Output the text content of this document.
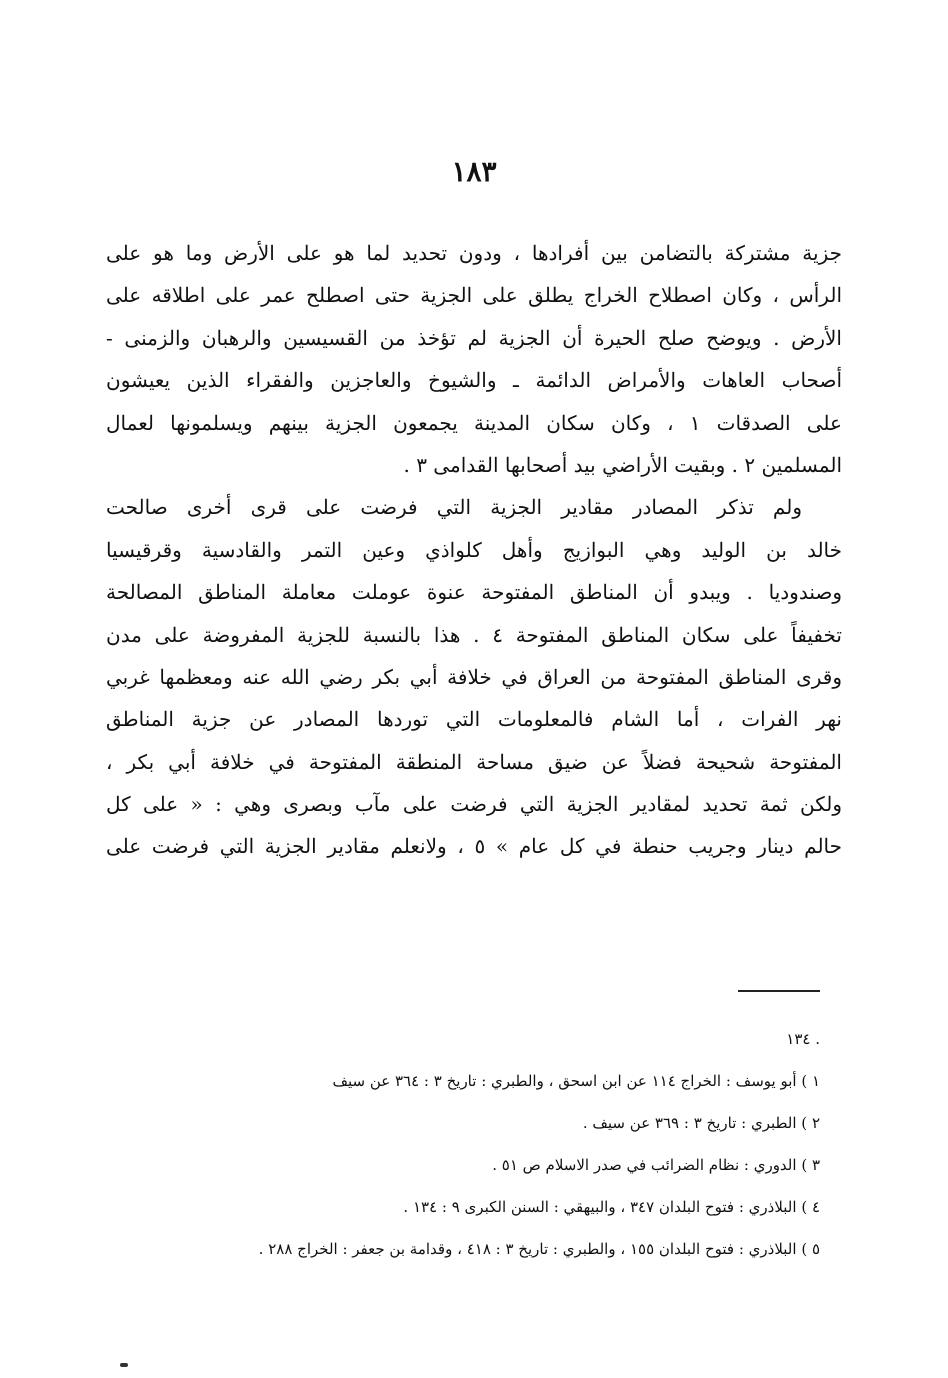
١٨٣
جزية مشتركة بالتضامن بين أفرادها ، ودون تحديد لما هو على الأرض وما هو على
الرأس ، وكان اصطلاح الخراج يطلق على الجزية حتى اصطلح عمر على اطلاقه على
الأرض . ويوضح صلح الحيرة أن الجزية لم تؤخذ من القسيسين والرهبان والزمنى -
أصحاب العاهات والأمراض الدائمة ـ والشيوخ والعاجزين والفقراء الذين يعيشون
على الصدقات ١ ، وكان سكان المدينة يجمعون الجزية بينهم ويسلمونها لعمال
المسلمين ٢ . وبقيت الأراضي بيد أصحابها القدامى ٣ .
ولم تذكر المصادر مقادير الجزية التي فرضت على قرى أخرى صالحت
خالد بن الوليد وهي البوازيج وأهل كلواذي وعين التمر والقادسية وقرقيسيا
وصندوديا . ويبدو أن المناطق المفتوحة عنوة عوملت معاملة المناطق المصالحة
تخفيفاً على سكان المناطق المفتوحة ٤ . هذا بالنسبة للجزية المفروضة على مدن
وقرى المناطق المفتوحة من العراق في خلافة أبي بكر رضي الله عنه ومعظمها غربي
نهر الفرات ، أما الشام فالمعلومات التي توردها المصادر عن جزية المناطق
المفتوحة شحيحة فضلاً عن ضيق مساحة المنطقة المفتوحة في خلافة أبي بكر ،
ولكن ثمة تحديد لمقادير الجزية التي فرضت على مآب وبصرى وهي : « على كل
حالم دينار وجريب حنطة في كل عام » ٥ ، ولانعلم مقادير الجزية التي فرضت على
. ١٣٤
١ ) أبو يوسف : الخراج ١١٤ عن ابن اسحق ، والطبري : تاريخ ٣ : ٣٦٤ عن سيف
٢ ) الطبري : تاريخ ٣ : ٣٦٩ عن سيف .
٣ ) الدوري : نظام الضرائب في صدر الاسلام ص ٥١ .
٤ ) البلاذري : فتوح البلدان ٣٤٧ ، والبيهقي : السنن الكبرى ٩ : ١٣٤ .
٥ ) البلاذري : فتوح البلدان ١٥٥ ، والطبري : تاريخ ٣ : ٤١٨ ، وقدامة بن جعفر : الخراج ٢٨٨ .
